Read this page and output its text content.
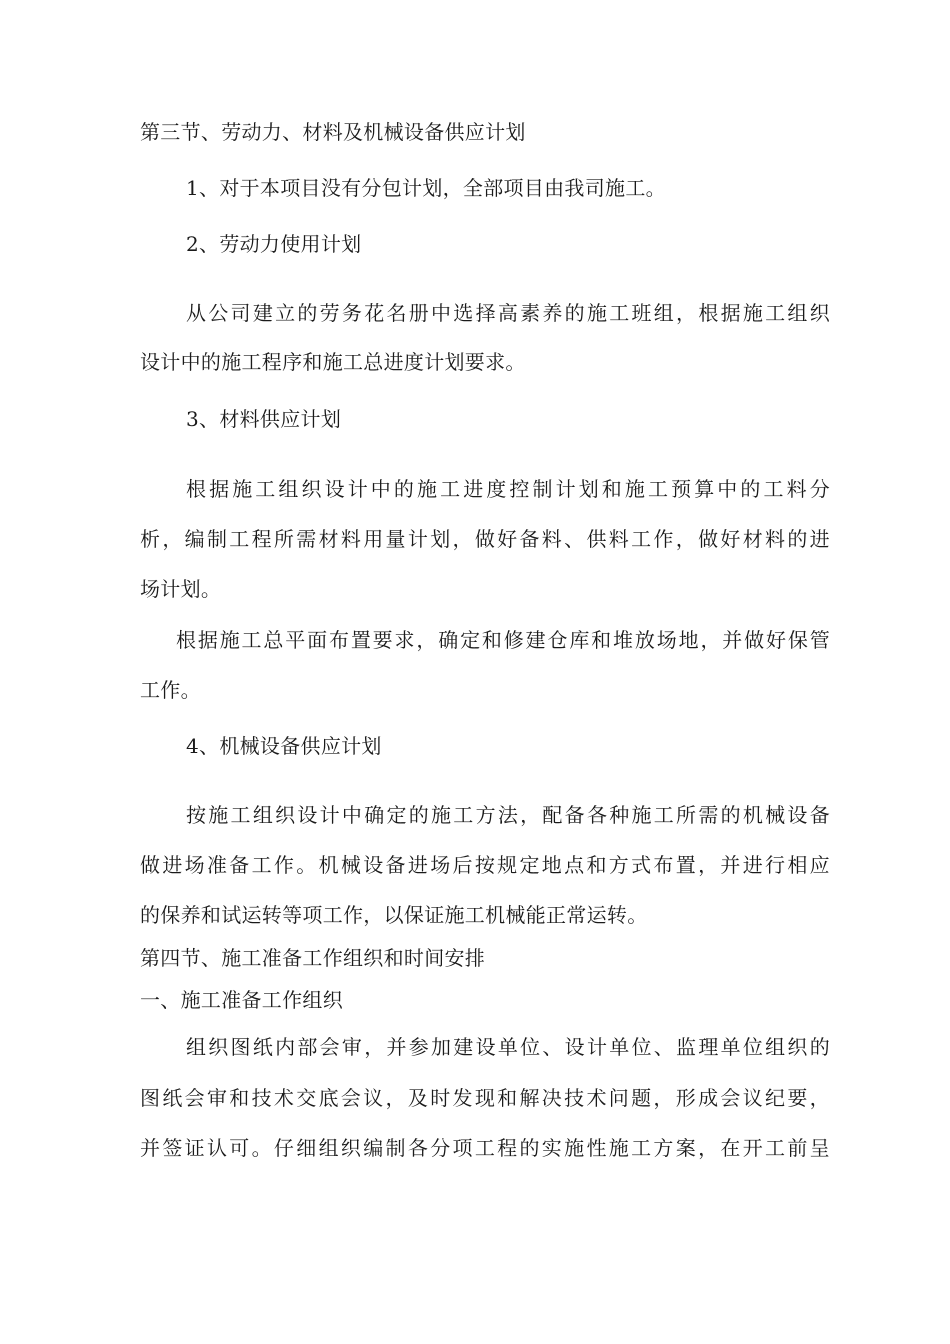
第三节、劳动力、材料及机械设备供应计划
1、对于本项目没有分包计划，全部项目由我司施工。
2、劳动力使用计划
从公司建立的劳务花名册中选择高素养的施工班组，根据施工组织
设计中的施工程序和施工总进度计划要求。
3、材料供应计划
根据施工组织设计中的施工进度控制计划和施工预算中的工料分
析，编制工程所需材料用量计划，做好备料、供料工作，做好材料的进
场计划。
根据施工总平面布置要求，确定和修建仓库和堆放场地，并做好保管
工作。
4、机械设备供应计划
按施工组织设计中确定的施工方法，配备各种施工所需的机械设备
做进场准备工作。机械设备进场后按规定地点和方式布置，并进行相应
的保养和试运转等项工作，以保证施工机械能正常运转。
第四节、施工准备工作组织和时间安排
一、施工准备工作组织
组织图纸内部会审，并参加建设单位、设计单位、监理单位组织的
图纸会审和技术交底会议，及时发现和解决技术问题，形成会议纪要，
并签证认可。仔细组织编制各分项工程的实施性施工方案，在开工前呈
